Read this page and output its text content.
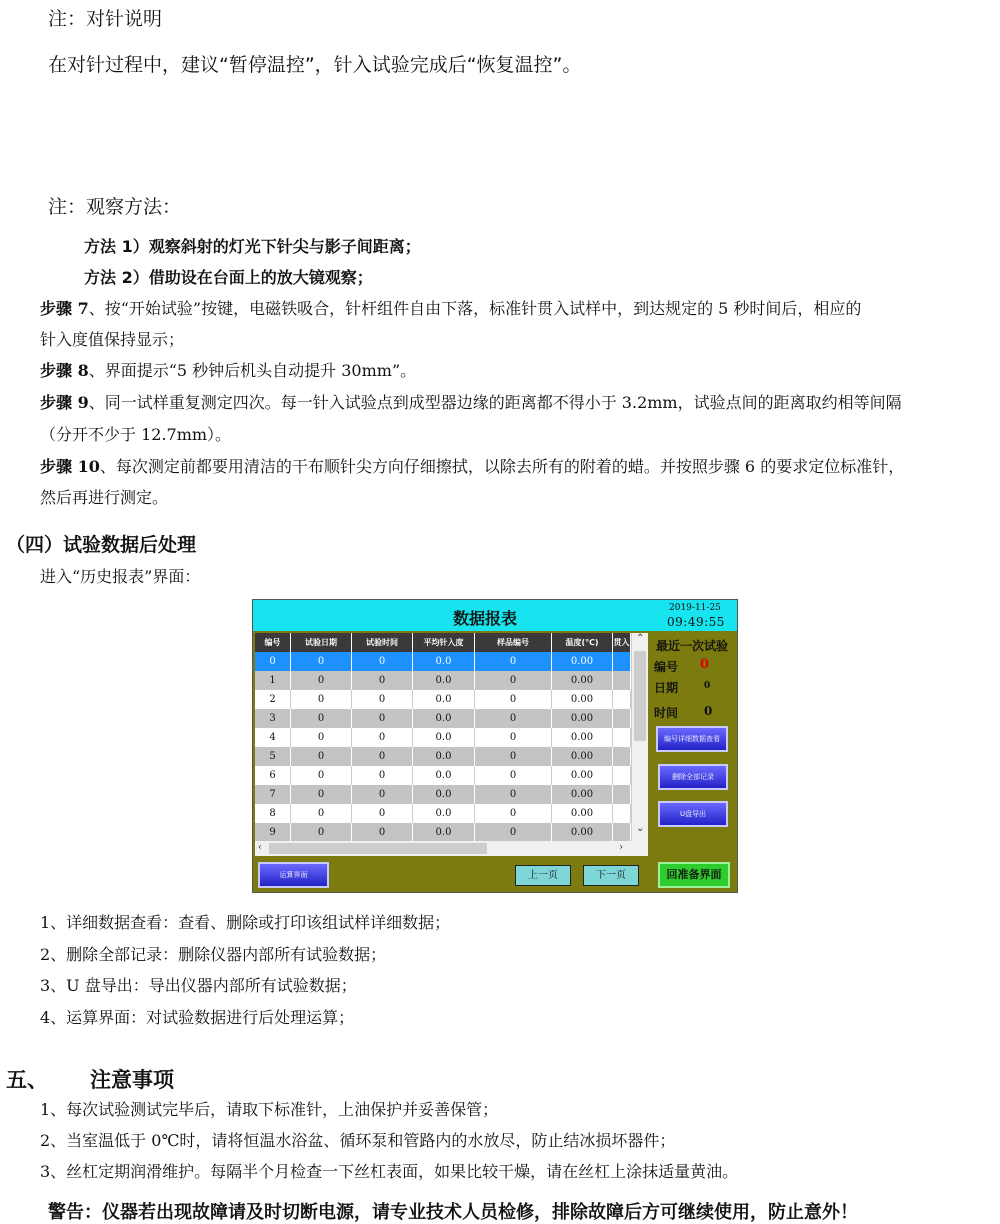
注：对针说明
在对针过程中，建议“暂停温控”，针入试验完成后“恢复温控”。
注：观察方法：
方法 1）观察斜射的灯光下针尖与影子间距离；
方法 2）借助设在台面上的放大镜观察；
步骤 7、按“开始试验”按键，电磁铁吸合，针杆组件自由下落，标准针贯入试样中，到达规定的 5 秒时间后，相应的
针入度值保持显示；
步骤 8、界面提示“5 秒钟后机头自动提升 30mm”。
步骤 9、同一试样重复测定四次。每一针入试验点到成型器边缘的距离都不得小于 3.2mm，试验点间的距离取约相等间隔
（分开不少于 12.7mm）。
步骤 10、每次测定前都要用清洁的干布顺针尖方向仔细擦拭，以除去所有的附着的蜡。并按照步骤 6 的要求定位标准针，
然后再进行测定。
（四）试验数据后处理
进入“历史报表”界面：
数据报表
2019-11-25
09:49:55
编号	试验日期	试验时间	平均针入度	样品编号	温度(℃)	贯入
0	0	0	0.0	0	0.00
1	0	0	0.0	0	0.00
2	0	0	0.0	0	0.00
3	0	0	0.0	0	0.00
4	0	0	0.0	0	0.00
5	0	0	0.0	0	0.00
6	0	0	0.0	0	0.00
7	0	0	0.0	0	0.00
8	0	0	0.0	0	0.00
9	0	0	0.0	0	0.00
⌃
⌄
‹	›
最近一次试验
编号 0
日期	0
时间 0
编号详细数据查看
删除全部记录
U盘导出
运算界面	上一页	下一页	回准备界面
1、详细数据查看：查看、删除或打印该组试样详细数据；
2、删除全部记录：删除仪器内部所有试验数据；
3、U 盘导出：导出仪器内部所有试验数据；
4、运算界面：对试验数据进行后处理运算；
五、 注意事项
1、每次试验测试完毕后，请取下标准针，上油保护并妥善保管；
2、当室温低于 0℃时，请将恒温水浴盆、循环泵和管路内的水放尽，防止结冰损坏器件；
3、丝杠定期润滑维护。每隔半个月检查一下丝杠表面，如果比较干燥，请在丝杠上涂抹适量黄油。
警告：仪器若出现故障请及时切断电源，请专业技术人员检修，排除故障后方可继续使用，防止意外！
